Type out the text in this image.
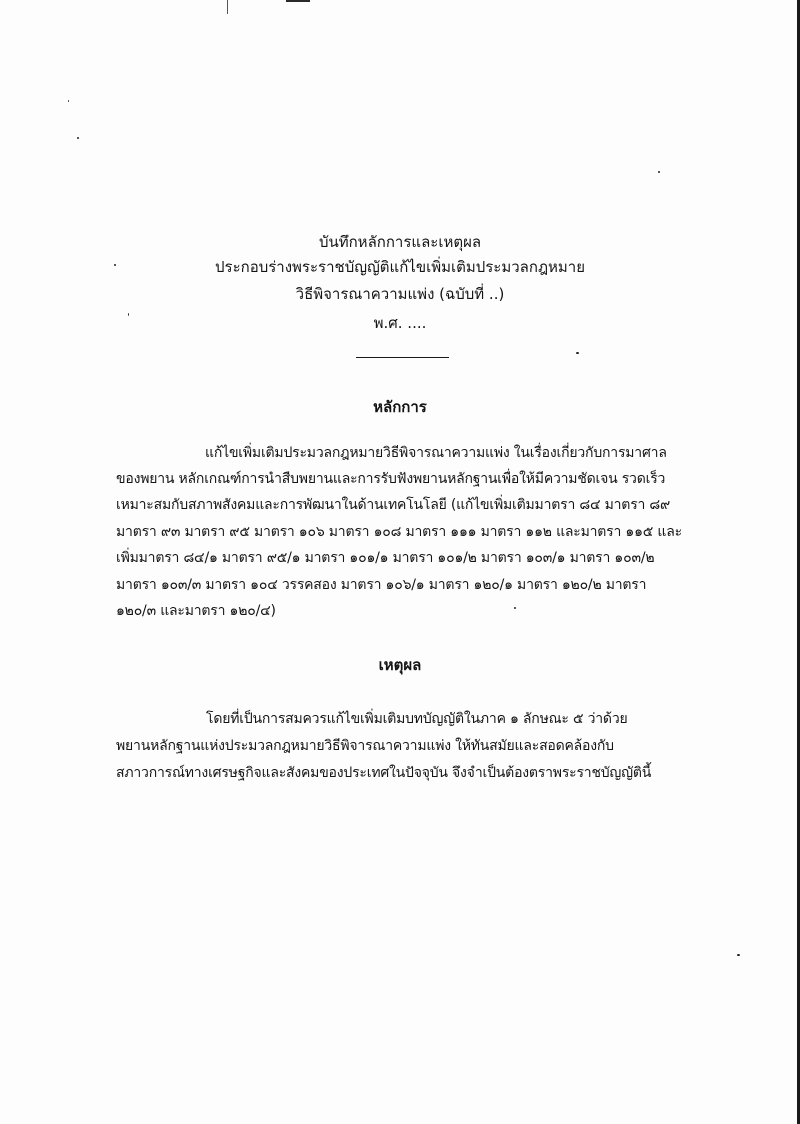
บันทึกหลักการและเหตุผล
ประกอบร่างพระราชบัญญัติแก้ไขเพิ่มเติมประมวลกฎหมาย
วิธีพิจารณาความแพ่ง (ฉบับที่ ..)
พ.ศ. ....
หลักการ
แก้ไขเพิ่มเติมประมวลกฎหมายวิธีพิจารณาความแพ่ง ในเรื่องเกี่ยวกับการมาศาล
ของพยาน หลักเกณฑ์การนำสืบพยานและการรับฟังพยานหลักฐานเพื่อให้มีความชัดเจน รวดเร็ว
เหมาะสมกับสภาพสังคมและการพัฒนาในด้านเทคโนโลยี (แก้ไขเพิ่มเติมมาตรา ๘๔ มาตรา ๘๙
มาตรา ๙๓ มาตรา ๙๕ มาตรา ๑๐๖ มาตรา ๑๐๘ มาตรา ๑๑๑ มาตรา ๑๑๒ และมาตรา ๑๑๕ และ
เพิ่มมาตรา ๘๔/๑ มาตรา ๙๕/๑ มาตรา ๑๐๑/๑ มาตรา ๑๐๑/๒ มาตรา ๑๐๓/๑ มาตรา ๑๐๓/๒
มาตรา ๑๐๓/๓ มาตรา ๑๐๔ วรรคสอง มาตรา ๑๐๖/๑ มาตรา ๑๒๐/๑ มาตรา ๑๒๐/๒ มาตรา
๑๒๐/๓ และมาตรา ๑๒๐/๔)
เหตุผล
โดยที่เป็นการสมควรแก้ไขเพิ่มเติมบทบัญญัติในภาค ๑ ลักษณะ ๕ ว่าด้วย
พยานหลักฐานแห่งประมวลกฎหมายวิธีพิจารณาความแพ่ง ให้ทันสมัยและสอดคล้องกับ
สภาวการณ์ทางเศรษฐกิจและสังคมของประเทศในปัจจุบัน จึงจำเป็นต้องตราพระราชบัญญัตินี้
